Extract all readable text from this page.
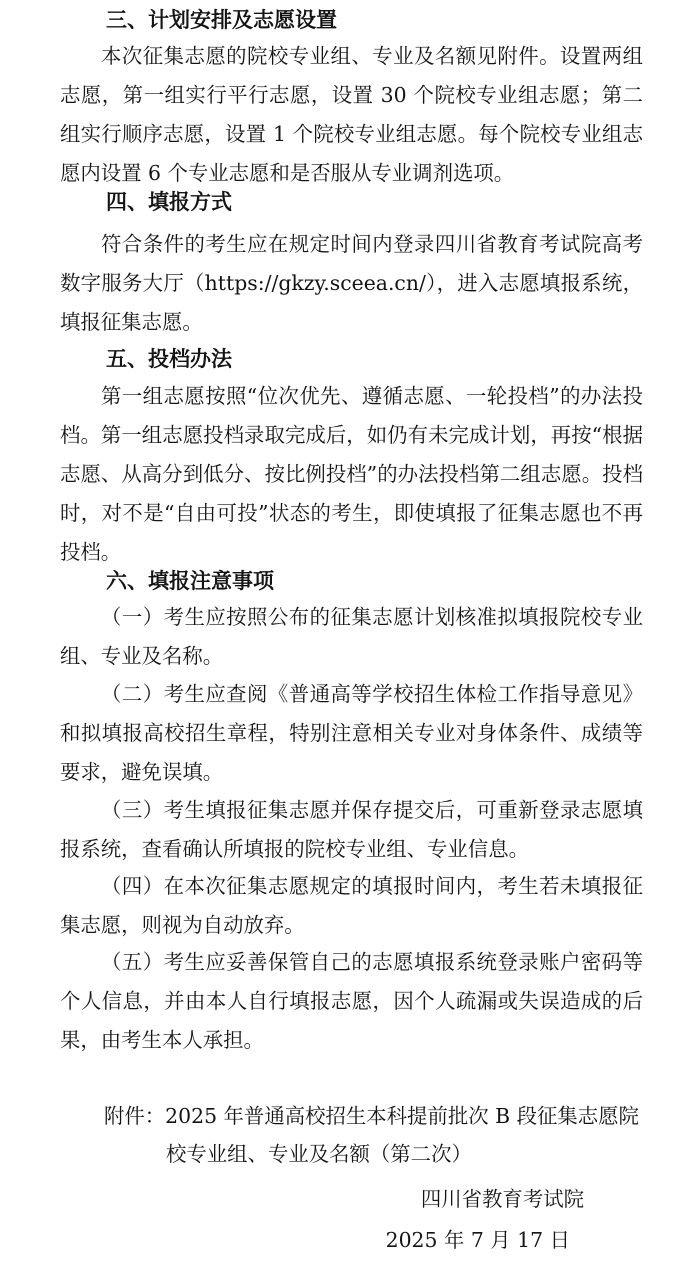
三、计划安排及志愿设置

本次征集志愿的院校专业组、专业及名额见附件。设置两组志愿，第一组实行平行志愿，设置 30 个院校专业组志愿；第二组实行顺序志愿，设置 1 个院校专业组志愿。每个院校专业组志愿内设置 6 个专业志愿和是否服从专业调剂选项。

四、填报方式

符合条件的考生应在规定时间内登录四川省教育考试院高考数字服务大厅（https://gkzy.sceea.cn/），进入志愿填报系统，填报征集志愿。

五、投档办法

第一组志愿按照“位次优先、遵循志愿、一轮投档”的办法投档。第一组志愿投档录取完成后，如仍有未完成计划，再按“根据志愿、从高分到低分、按比例投档”的办法投档第二组志愿。投档时，对不是“自由可投”状态的考生，即使填报了征集志愿也不再投档。

六、填报注意事项

（一）考生应按照公布的征集志愿计划核准拟填报院校专业组、专业及名称。

（二）考生应查阅《普通高等学校招生体检工作指导意见》和拟填报高校招生章程，特别注意相关专业对身体条件、成绩等要求，避免误填。

（三）考生填报征集志愿并保存提交后，可重新登录志愿填报系统，查看确认所填报的院校专业组、专业信息。

（四）在本次征集志愿规定的填报时间内，考生若未填报征集志愿，则视为自动放弃。

（五）考生应妥善保管自己的志愿填报系统登录账户密码等个人信息，并由本人自行填报志愿，因个人疏漏或失误造成的后果，由考生本人承担。

附件：2025 年普通高校招生本科提前批次 B 段征集志愿院

校专业组、专业及名额（第二次）

四川省教育考试院

2025 年 7 月 17 日
